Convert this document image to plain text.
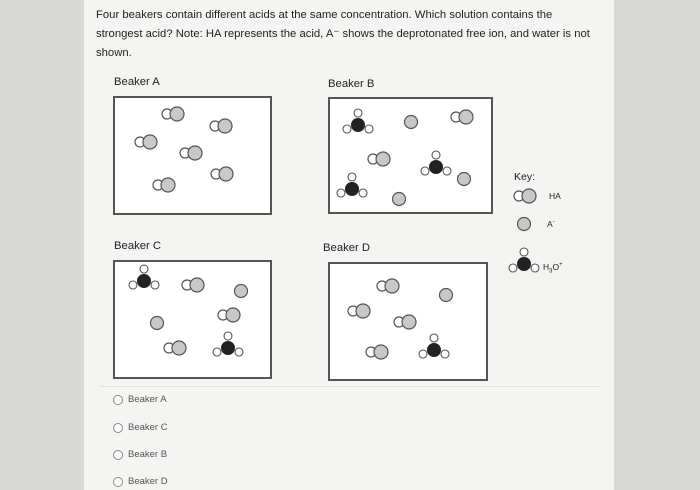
Four beakers contain different acids at the same concentration. Which solution contains the strongest acid? Note: HA represents the acid, A⁻ shows the deprotonated free ion, and water is not shown.
Beaker A	Beaker B
Beaker C	Beaker D
Key:
HA
A-
$H_3O^+$
Beaker A
Beaker C
Beaker B
Beaker D
